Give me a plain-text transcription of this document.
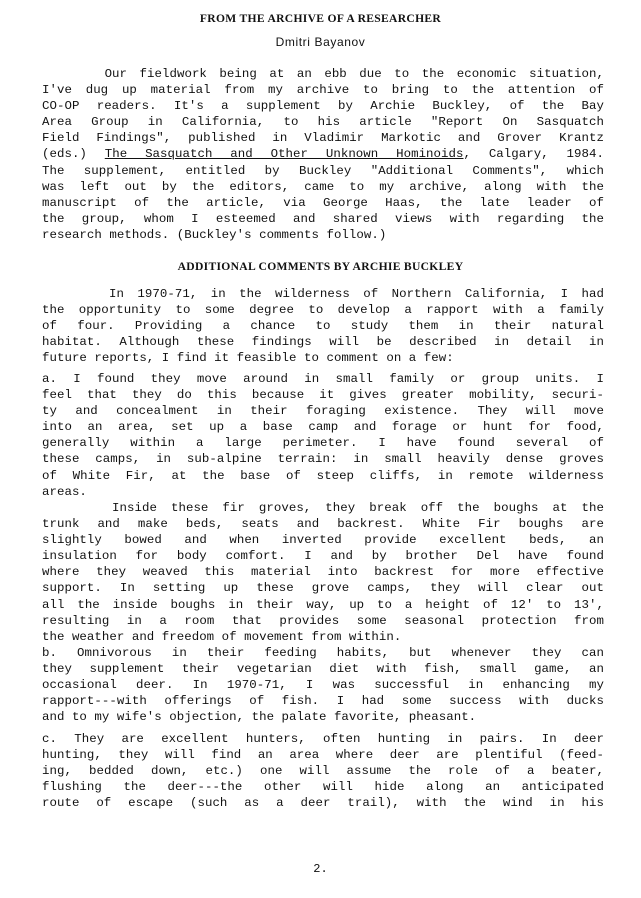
FROM THE ARCHIVE OF A RESEARCHER
Dmitri Bayanov
Our fieldwork being at an ebb due to the economic situation,
I've dug up material from my archive to bring to the attention of
CO-OP readers. It's a supplement by Archie Buckley, of the Bay
Area Group in California, to his article "Report On Sasquatch
Field Findings", published in Vladimir Markotic and Grover Krantz
(eds.) The Sasquatch and Other Unknown Hominoids, Calgary, 1984.
The supplement, entitled by Buckley "Additional Comments", which
was left out by the editors, came to my archive, along with the
manuscript of the article, via George Haas, the late leader of
the group, whom I esteemed and shared views with regarding the
research methods. (Buckley's comments follow.)
ADDITIONAL COMMENTS BY ARCHIE BUCKLEY
In 1970-71, in the wilderness of Northern California, I had
the opportunity to some degree to develop a rapport with a family
of four. Providing a chance to study them in their natural
habitat. Although these findings will be described in detail in
future reports, I find it feasible to comment on a few:
a. I found they move around in small family or group units. I
feel that they do this because it gives greater mobility, securi-
ty and concealment in their foraging existence. They will move
into an area, set up a base camp and forage or hunt for food,
generally within a large perimeter. I have found several of
these camps, in sub-alpine terrain: in small heavily dense groves
of White Fir, at the base of steep cliffs, in remote wilderness
areas.
Inside these fir groves, they break off the boughs at the
trunk and make beds, seats and backrest. White Fir boughs are
slightly bowed and when inverted provide excellent beds, an
insulation for body comfort. I and by brother Del have found
where they weaved this material into backrest for more effective
support. In setting up these grove camps, they will clear out
all the inside boughs in their way, up to a height of 12' to 13',
resulting in a room that provides some seasonal protection from
the weather and freedom of movement from within.
b. Omnivorous in their feeding habits, but whenever they can
they supplement their vegetarian diet with fish, small game, an
occasional deer. In 1970-71, I was successful in enhancing my
rapport---with offerings of fish. I had some success with ducks
and to my wife's objection, the palate favorite, pheasant.
c. They are excellent hunters, often hunting in pairs. In deer
hunting, they will find an area where deer are plentiful (feed-
ing, bedded down, etc.) one will assume the role of a beater,
flushing the deer---the other will hide along an anticipated
route of escape (such as a deer trail), with the wind in his
2.
